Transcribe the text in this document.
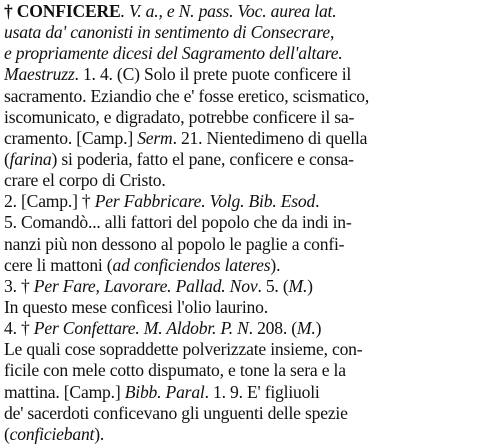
† CONFICERE. V. a., e N. pass. Voc. aurea lat.
usata da' canonisti in sentimento di Consecrare,
e propriamente dicesi del Sagramento dell'altare.
Maestruzz. 1. 4. (C) Solo il prete puote conficere il
sacramento. Eziandio che e' fosse eretico, scismatico,
iscomunicato, e digradato, potrebbe conficere il sa-
cramento. [Camp.] Serm. 21. Nientedimeno di quella
(farina) si poderia, fatto el pane, conficere e consa-
crare el corpo di Cristo.
2. [Camp.] † Per Fabbricare. Volg. Bib. Esod.
5. Comandò... alli fattori del popolo che da indi in-
nanzi più non dessono al popolo le paglie a confi-
cere li mattoni (ad conficiendos lateres).
3. † Per Fare, Lavorare. Pallad. Nov. 5. (M.)
In questo mese confìcesi l'olio laurino.
4. † Per Confettare. M. Aldobr. P. N. 208. (M.)
Le quali cose sopraddette polverizzate insieme, con-
ficile con mele cotto dispumato, e tone la sera e la
mattina. [Camp.] Bibb. Paral. 1. 9. E' figliuoli
de' sacerdoti conficevano gli unguenti delle spezie
(conficiebant).
